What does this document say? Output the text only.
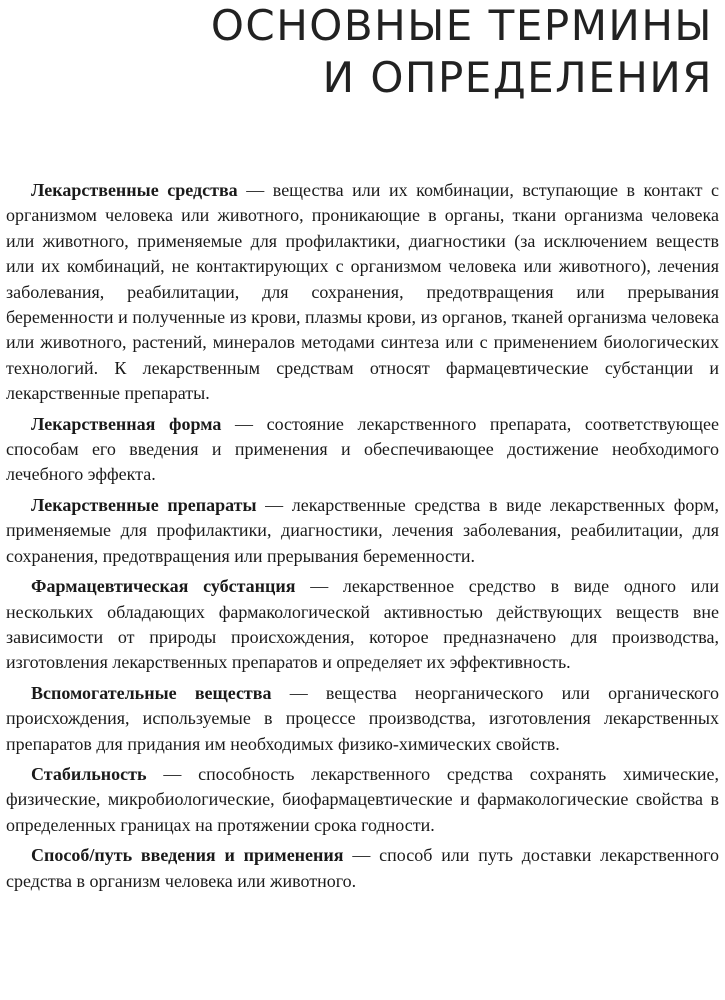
ОСНОВНЫЕ ТЕРМИНЫ
И ОПРЕДЕЛЕНИЯ

Лекарственные средства — вещества или их комбинации, вступающие в контакт с организмом человека или животного, проникающие в органы, ткани организма человека или животного, применяемые для профилактики, диагностики (за исключением веществ или их комбинаций, не контактирующих с организмом человека или животного), лечения заболевания, реабилитации, для сохранения, предотвращения или прерывания беременности и полученные из крови, плазмы крови, из органов, тканей организма человека или животного, растений, минералов методами синтеза или с применением биологических технологий. К лекарственным средствам относят фармацевтические субстанции и лекарственные препараты.

Лекарственная форма — состояние лекарственного препарата, соответствующее способам его введения и применения и обеспечивающее достижение необходимого лечебного эффекта.

Лекарственные препараты — лекарственные средства в виде лекарственных форм, применяемые для профилактики, диагностики, лечения заболевания, реабилитации, для сохранения, предотвращения или прерывания беременности.

Фармацевтическая субстанция — лекарственное средство в виде одного или нескольких обладающих фармакологической активностью действующих веществ вне зависимости от природы происхождения, которое предназначено для производства, изготовления лекарственных препаратов и определяет их эффективность.

Вспомогательные вещества — вещества неорганического или органического происхождения, используемые в процессе производства, изготовления лекарственных препаратов для придания им необходимых физико-химических свойств.

Стабильность — способность лекарственного средства сохранять химические, физические, микробиологические, биофармацевтические и фармакологические свойства в определенных границах на протяжении срока годности.

Способ/путь введения и применения — способ или путь доставки лекарственного средства в организм человека или животного.
